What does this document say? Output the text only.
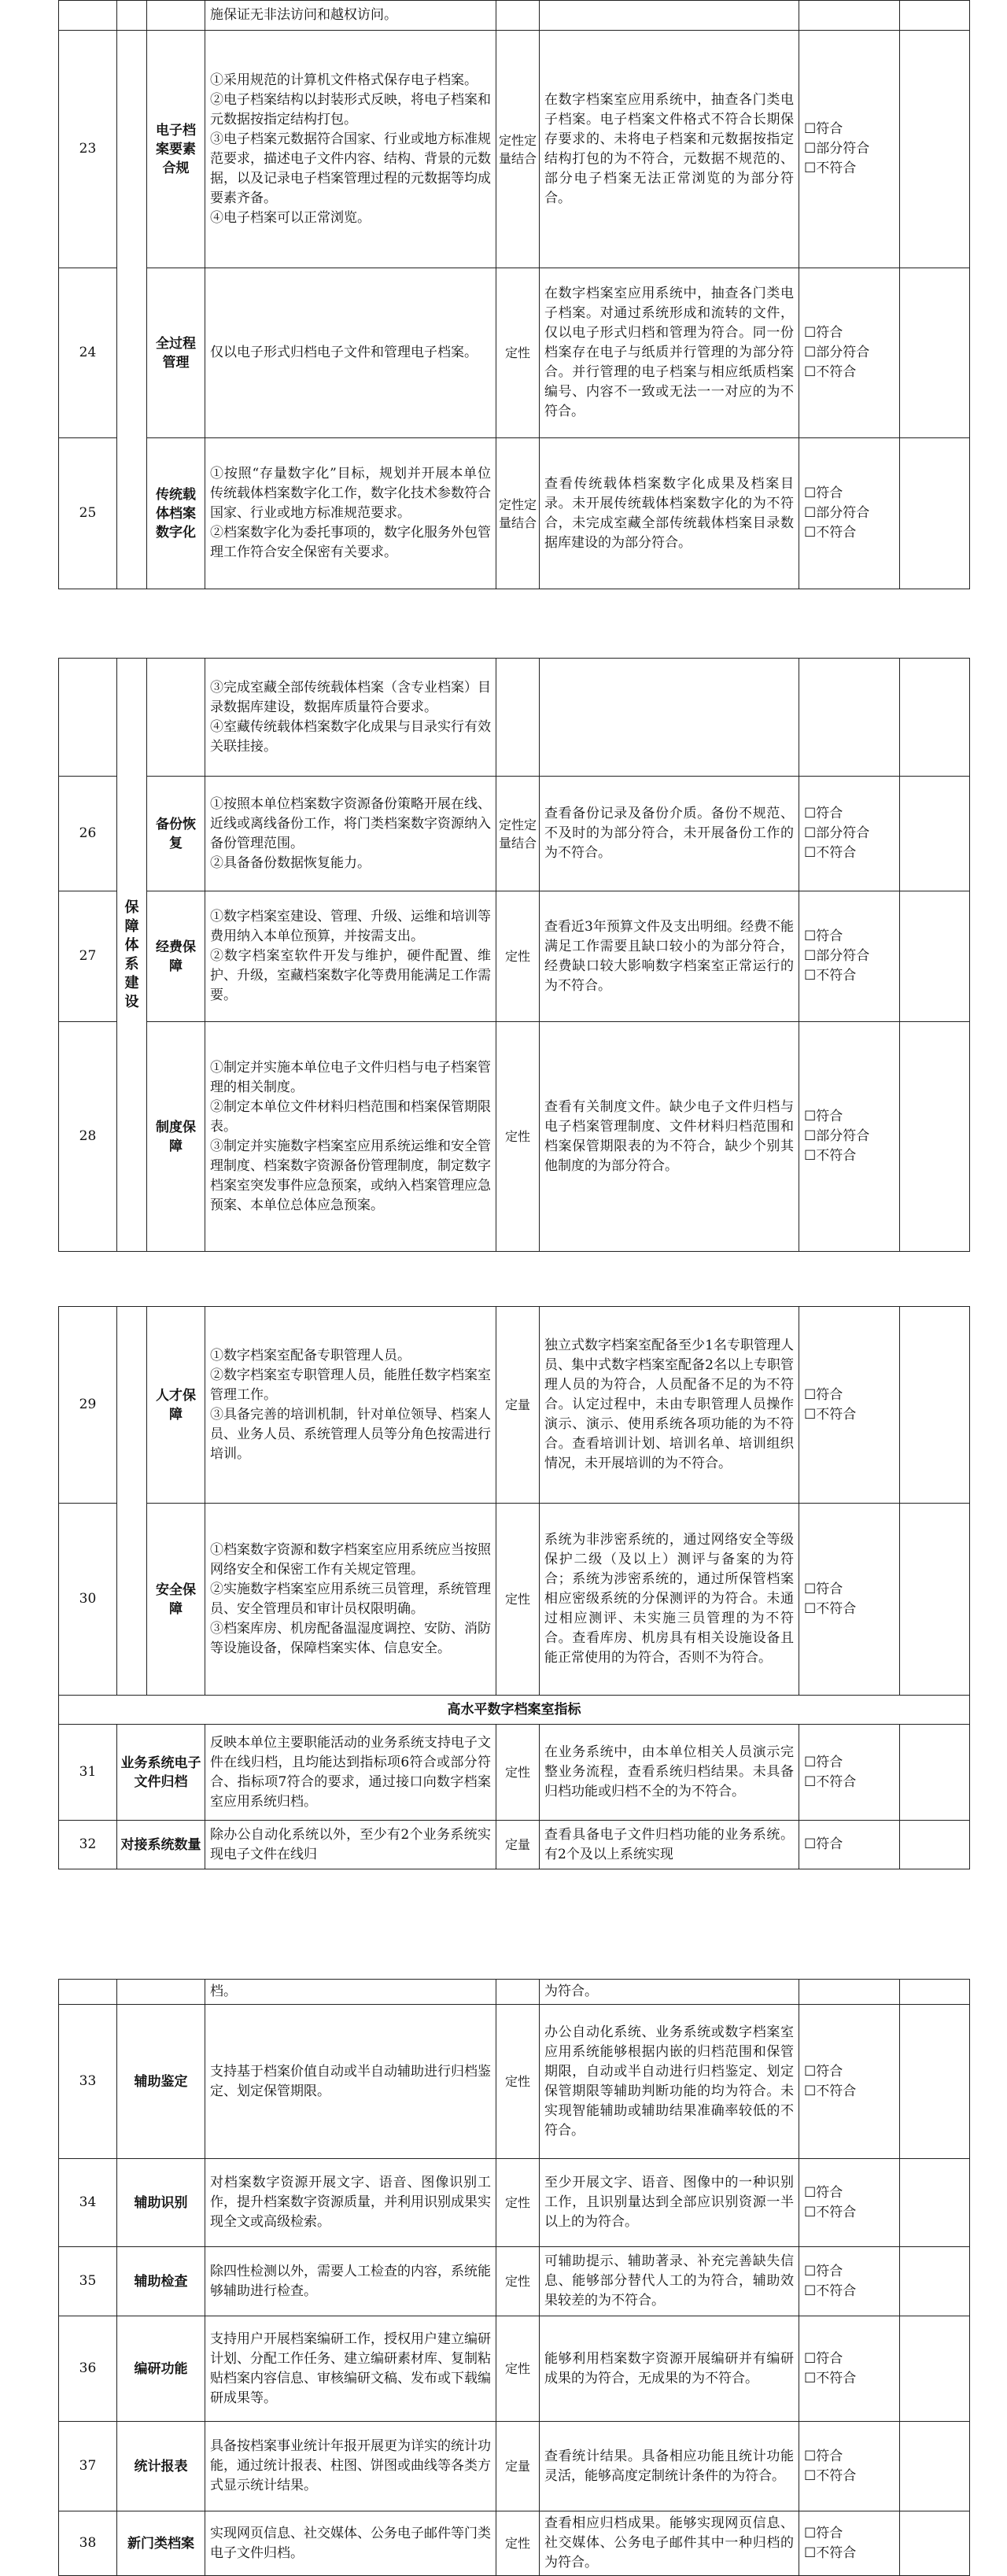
			施保证无非法访问和越权访问。				

23		电子档案要素合规	①采用规范的计算机文件格式保存电子档案。
②电子档案结构以封装形式反映，将电子档案和元数据按指定结构打包。
③电子档案元数据符合国家、行业或地方标准规范要求，描述电子文件内容、结构、背景的元数据，以及记录电子档案管理过程的元数据等均成要素齐备。
④电子档案可以正常浏览。	定性定量结合	在数字档案室应用系统中，抽查各门类电子档案。电子档案文件格式不符合长期保存要求的、未将电子档案和元数据按指定结构打包的为不符合，元数据不规范的、部分电子档案无法正常浏览的为部分符合。	☐符合
☐部分符合
☐不符合	

24		全过程管理	仅以电子形式归档电子文件和管理电子档案。	定性	在数字档案室应用系统中，抽查各门类电子档案。对通过系统形成和流转的文件，仅以电子形式归档和管理为符合。同一份档案存在电子与纸质并行管理的为部分符合。并行管理的电子档案与相应纸质档案编号、内容不一致或无法一一对应的为不符合。	☐符合
☐部分符合
☐不符合	

25		传统载体档案数字化	①按照“存量数字化”目标，规划并开展本单位传统载体档案数字化工作，数字化技术参数符合国家、行业或地方标准规范要求。
②档案数字化为委托事项的，数字化服务外包管理工作符合安全保密有关要求。	定性定量结合	查看传统载体档案数字化成果及档案目录。未开展传统载体档案数字化的为不符合，未完成室藏全部传统载体档案目录数据库建设的为部分符合。	☐符合
☐部分符合
☐不符合	

	保障体系建设		③完成室藏全部传统载体档案（含专业档案）目录数据库建设，数据库质量符合要求。
④室藏传统载体档案数字化成果与目录实行有效关联挂接。				

26		备份恢复	①按照本单位档案数字资源备份策略开展在线、近线或离线备份工作，将门类档案数字资源纳入备份管理范围。
②具备备份数据恢复能力。	定性定量结合	查看备份记录及备份介质。备份不规范、不及时的为部分符合，未开展备份工作的为不符合。	☐符合
☐部分符合
☐不符合	

27		经费保障	①数字档案室建设、管理、升级、运维和培训等费用纳入本单位预算，并按需支出。
②数字档案室软件开发与维护，硬件配置、维护、升级，室藏档案数字化等费用能满足工作需要。	定性	查看近3年预算文件及支出明细。经费不能满足工作需要且缺口较小的为部分符合，经费缺口较大影响数字档案室正常运行的为不符合。	☐符合
☐部分符合
☐不符合	

28		制度保障	①制定并实施本单位电子文件归档与电子档案管理的相关制度。
②制定本单位文件材料归档范围和档案保管期限表。
③制定并实施数字档案室应用系统运维和安全管理制度、档案数字资源备份管理制度，制定数字档案室突发事件应急预案，或纳入档案管理应急预案、本单位总体应急预案。	定性	查看有关制度文件。缺少电子文件归档与电子档案管理制度、文件材料归档范围和档案保管期限表的为不符合，缺少个别其他制度的为部分符合。	☐符合
☐部分符合
☐不符合	

29		人才保障	①数字档案室配备专职管理人员。
②数字档案室专职管理人员，能胜任数字档案室管理工作。
③具备完善的培训机制，针对单位领导、档案人员、业务人员、系统管理人员等分角色按需进行培训。	定量	独立式数字档案室配备至少1名专职管理人员、集中式数字档案室配备2名以上专职管理人员的为符合，人员配备不足的为不符合。认定过程中，未由专职管理人员操作演示、演示、使用系统各项功能的为不符合。查看培训计划、培训名单、培训组织情况，未开展培训的为不符合。	☐符合
☐不符合	

30		安全保障	①档案数字资源和数字档案室应用系统应当按照网络安全和保密工作有关规定管理。
②实施数字档案室应用系统三员管理，系统管理员、安全管理员和审计员权限明确。
③档案库房、机房配备温湿度调控、安防、消防等设施设备，保障档案实体、信息安全。	定性	系统为非涉密系统的，通过网络安全等级保护二级（及以上）测评与备案的为符合；系统为涉密系统的，通过所保管档案相应密级系统的分保测评的为符合。未通过相应测评、未实施三员管理的为不符合。查看库房、机房具有相关设施设备且能正常使用的为符合，否则不为符合。	☐符合
☐不符合	

高水平数字档案室指标							
31	业务系统电子文件归档		反映本单位主要职能活动的业务系统支持电子文件在线归档，且均能达到指标项6符合或部分符合、指标项7符合的要求，通过接口向数字档案室应用系统归档。	定性	在业务系统中，由本单位相关人员演示完整业务流程，查看系统归档结果。未具备归档功能或归档不全的为不符合。	☐符合
☐不符合	

32	对接系统数量		除办公自动化系统以外，至少有2个业务系统实现电子文件在线归	定量	查看具备电子文件归档功能的业务系统。有2个及以上系统实现	☐符合	

		档。		为符合。		
33	辅助鉴定	支持基于档案价值自动或半自动辅助进行归档鉴定、划定保管期限。	定性	办公自动化系统、业务系统或数字档案室应用系统能够根据内嵌的归档范围和保管期限，自动或半自动进行归档鉴定、划定保管期限等辅助判断功能的均为符合。未实现智能辅助或辅助结果准确率较低的不符合。	☐符合
☐不符合	

34	辅助识别	对档案数字资源开展文字、语音、图像识别工作，提升档案数字资源质量，并利用识别成果实现全文或高级检索。	定性	至少开展文字、语音、图像中的一种识别工作，且识别量达到全部应识别资源一半以上的为符合。	☐符合
☐不符合	

35	辅助检查	除四性检测以外，需要人工检查的内容，系统能够辅助进行检查。	定性	可辅助提示、辅助著录、补充完善缺失信息、能够部分替代人工的为符合，辅助效果较差的为不符合。	☐符合
☐不符合	

36	编研功能	支持用户开展档案编研工作，授权用户建立编研计划、分配工作任务、建立编研素材库、复制粘贴档案内容信息、审核编研文稿、发布或下载编研成果等。	定性	能够利用档案数字资源开展编研并有编研成果的为符合，无成果的为不符合。	☐符合
☐不符合	

37	统计报表	具备按档案事业统计年报开展更为详实的统计功能，通过统计报表、柱图、饼图或曲线等各类方式显示统计结果。	定量	查看统计结果。具备相应功能且统计功能灵活，能够高度定制统计条件的为符合。	☐符合
☐不符合	

38	新门类档案	实现网页信息、社交媒体、公务电子邮件等门类电子文件归档。	定性	查看相应归档成果。能够实现网页信息、社交媒体、公务电子邮件其中一种归档的为符合。	☐符合
☐不符合	
